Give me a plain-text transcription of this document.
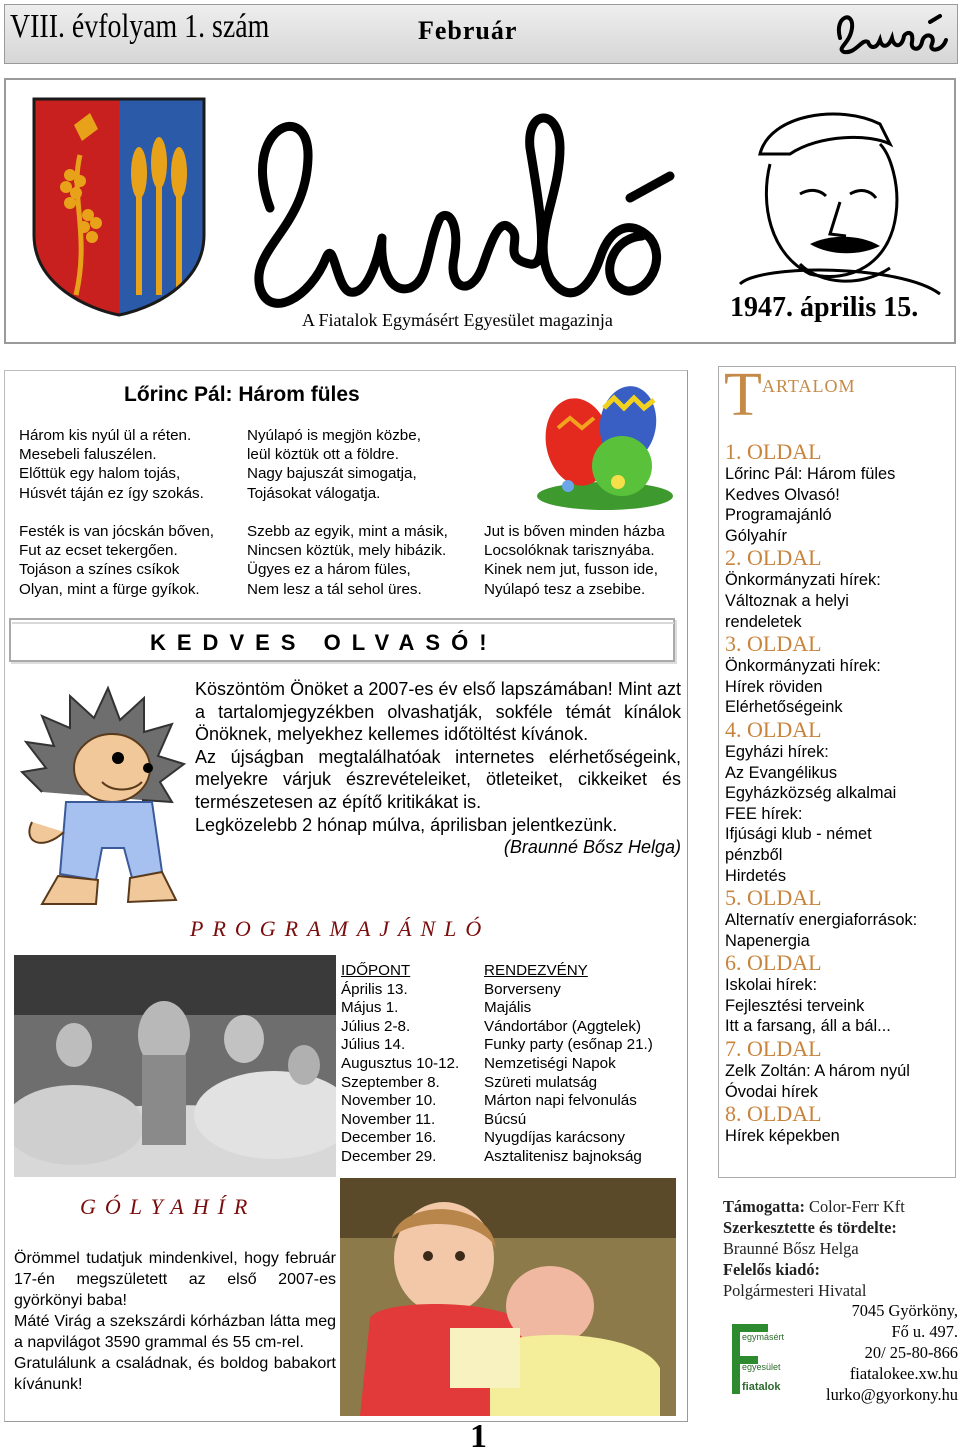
VIII. évfolyam 1. szám	Február
1947. április 15.
A Fiatalok Egymásért Egyesület magazinja
Lőrinc Pál: Három füles
Három kis nyúl ül a réten.
Mesebeli faluszélen.
Előttük egy halom tojás,
Húsvét táján ez így szokás.
Nyúlapó is megjön közbe,
leül köztük ott a földre.
Nagy bajuszát simogatja,
Tojásokat válogatja.
Festék is van jócskán bőven,
Fut az ecset tekergően.
Tojáson a színes csíkok
Olyan, mint a fürge gyíkok.
Szebb az egyik, mint a másik,
Nincsen köztük, mely hibázik.
Ügyes ez a három füles,
Nem lesz a tál sehol üres.
Jut is bőven minden házba
Locsolóknak tarisznyába.
Kinek nem jut, fusson ide,
Nyúlapó tesz a zsebibe.
KEDVES OLVASÓ!

Köszöntöm Önöket a 2007-es év első lapszámában! Mint azt a tartalomjegyzékben olvashatják, sokféle témát kínálok Önöknek, melyekhez kellemes időtöltést kívánok.

Az újságban megtalálhatóak internetes elérhetőségeink, melyekre várjuk észrevételeiket, ötleteiket, cikkeiket és természetesen az építő kritikákat is.

Legközelebb 2 hónap múlva, áprilisban jelentkezünk.

(Braunné Bősz Helga)

PROGRAMAJÁNLÓ
IDŐPONT	RENDEZVÉNY
Április 13.	Borverseny
Május 1.	Majális
Július 2-8.	Vándortábor (Aggtelek)
Július 14.	Funky party (esőnap 21.)
Augusztus 10-12.	Nemzetiségi Napok
Szeptember 8.	Szüreti mulatság
November 10.	Márton napi felvonulás
November 11.	Búcsú
December 16.	Nyugdíjas karácsony
December 29.	Asztalitenisz bajnokság
GÓLYAHÍR

Örömmel tudatjuk mindenkivel, hogy február 17-én megszületett az első 2007-es györkönyi baba!

Máté Virág a szekszárdi kórházban látta meg a napvilágot 3590 grammal és 55 cm-rel.

Gratulálunk a családnak, és boldog babakort kívánunk!

1
T ARTALOM
1. OLDAL
Lőrinc Pál: Három füles
Kedves Olvasó!
Programajánló
Gólyahír
2. OLDAL
Önkormányzati hírek:
Változnak a helyi
rendeletek
3. OLDAL
Önkormányzati hírek:
Hírek röviden
Elérhetőségeink
4. OLDAL
Egyházi hírek:
Az Evangélikus
Egyházközség alkalmai
FEE hírek:
Ifjúsági klub - német
pénzből
Hirdetés
5. OLDAL
Alternatív energiaforrások:
Napenergia
6. OLDAL
Iskolai hírek:
Fejlesztési terveink
Itt a farsang, áll a bál...
7. OLDAL
Zelk Zoltán: A három nyúl
Óvodai hírek
8. OLDAL
Hírek képekben
Támogatta: Color-Ferr Kft
Szerkesztette és tördelte:
Braunné Bősz Helga
Felelős kiadó:
Polgármesteri Hivatal
egymásért
egyesület
fiatalok
7045 Györköny,
Fő u. 497.
20/ 25-80-866
fiatalokee.xw.hu
lurko@gyorkony.hu
